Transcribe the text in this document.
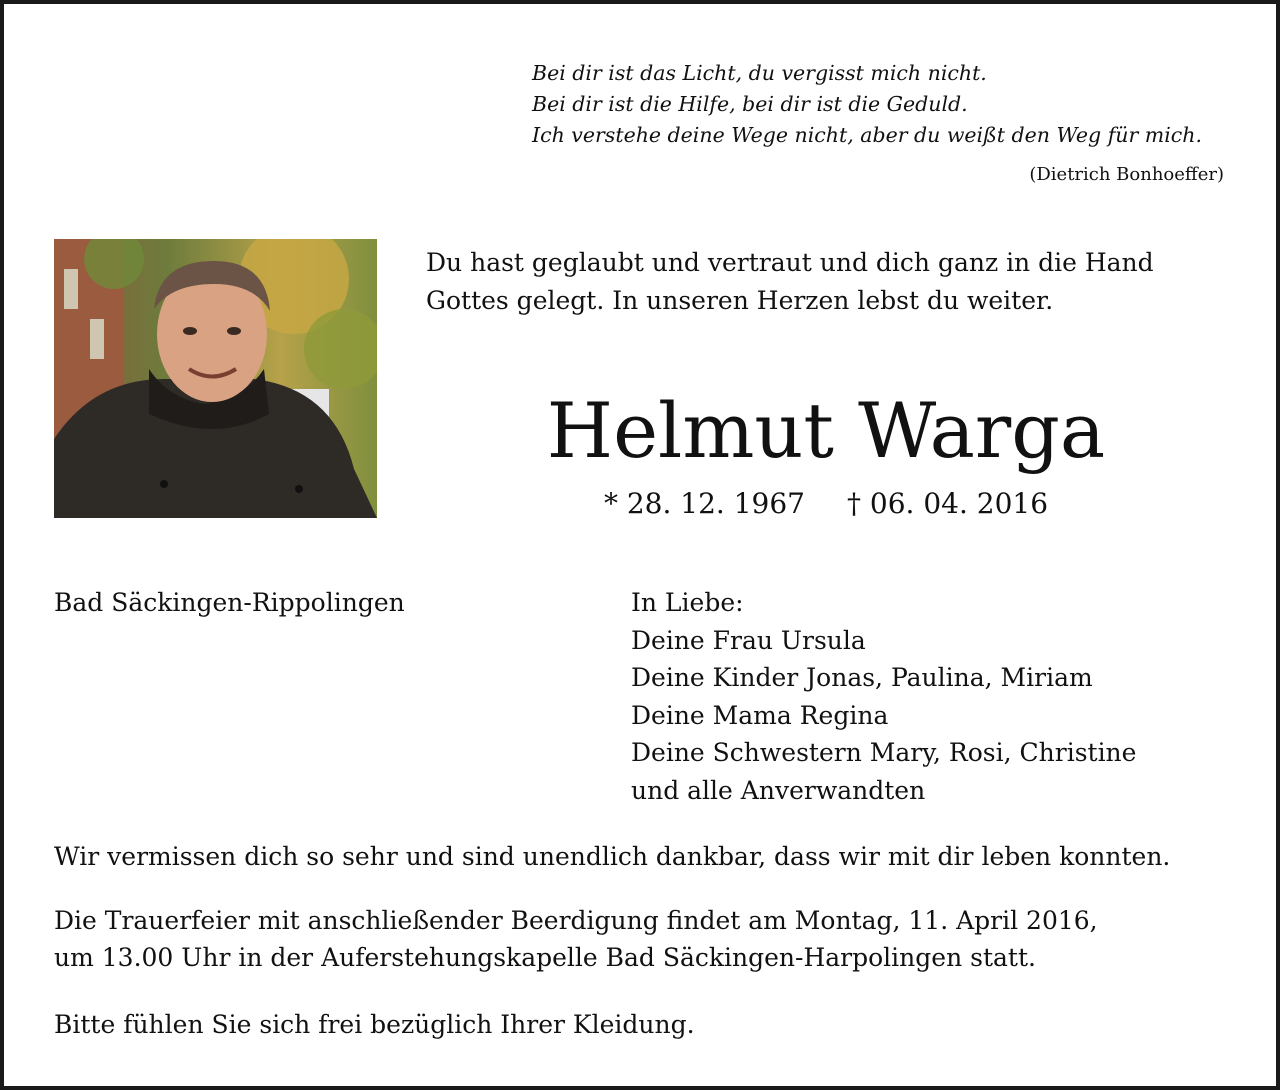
Bei dir ist das Licht, du vergisst mich nicht.
Bei dir ist die Hilfe, bei dir ist die Geduld.
Ich verstehe deine Wege nicht, aber du weißt den Weg für mich.
(Dietrich Bonhoeffer)
Du hast geglaubt und vertraut und dich ganz in die Hand
Gottes gelegt. In unseren Herzen lebst du weiter.
Helmut Warga
* 28. 12. 1967 † 06. 04. 2016
Bad Säckingen-Rippolingen	In Liebe:
Deine Frau Ursula
Deine Kinder Jonas, Paulina, Miriam
Deine Mama Regina
Deine Schwestern Mary, Rosi, Christine
und alle Anverwandten
Wir vermissen dich so sehr und sind unendlich dankbar, dass wir mit dir leben konnten.
Die Trauerfeier mit anschließender Beerdigung findet am Montag, 11. April 2016,
um 13.00 Uhr in der Auferstehungskapelle Bad Säckingen-Harpolingen statt.
Bitte fühlen Sie sich frei bezüglich Ihrer Kleidung.
